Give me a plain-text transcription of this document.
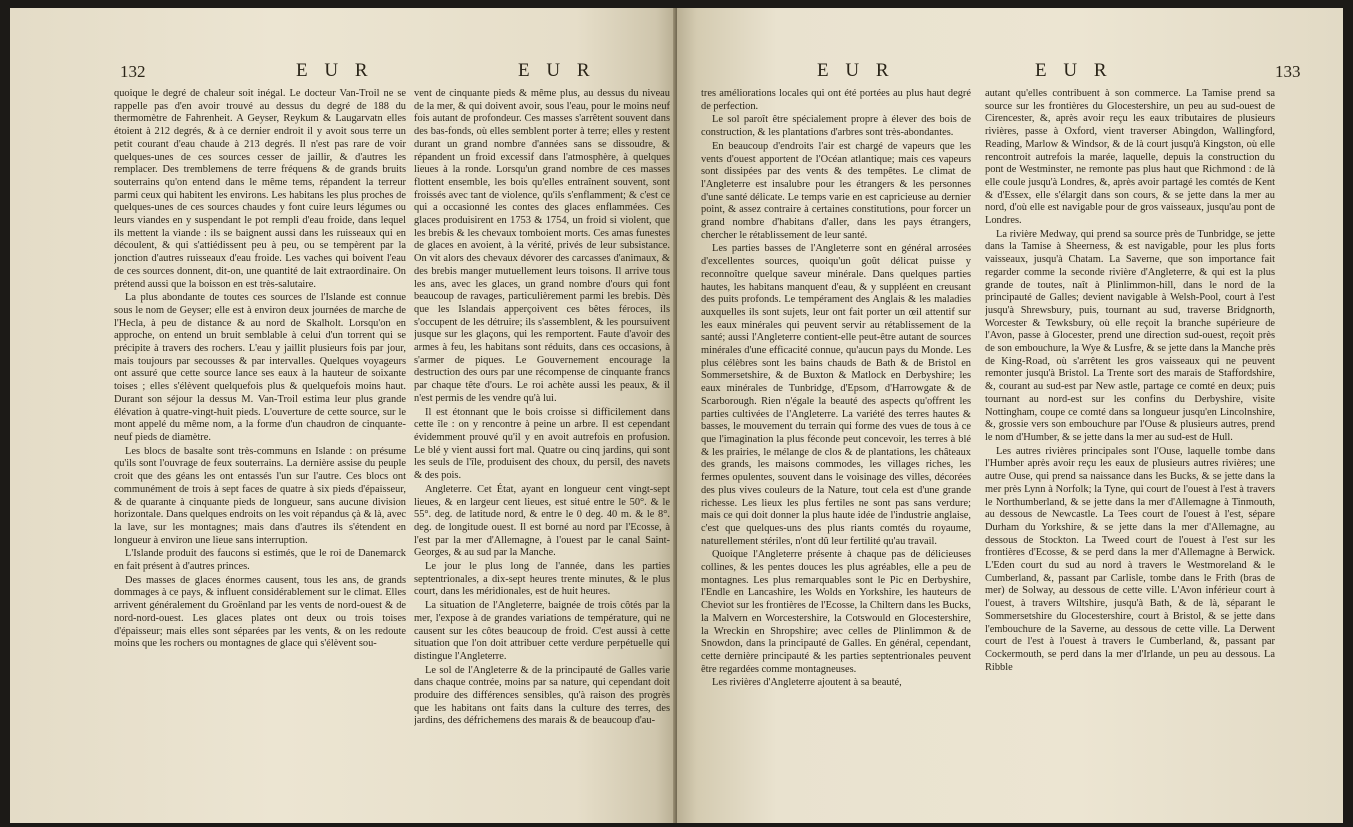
132	E U R	E U R

quoique le degré de chaleur soit inégal. Le docteur Van-Troil ne se rappelle pas d'en avoir trouvé au dessus du degré de 188 du thermomètre de Fahrenheit. A Geyser, Reykum & Laugarvatn elles étoient à 212 degrés, & à ce dernier endroit il y avoit sous terre un petit courant d'eau chaude à 213 degrés. Il n'est pas rare de voir quelques-unes de ces sources cesser de jaillir, & d'autres les remplacer. Des tremblemens de terre fréquens & de grands bruits souterrains qu'on entend dans le même tems, répandent la terreur parmi ceux qui habitent les environs. Les habitans les plus proches de quelques-unes de ces sources chaudes y font cuire leurs légumes ou leurs viandes en y suspendant le pot rempli d'eau froide, dans lequel ils mettent la viande : ils se baignent aussi dans les ruisseaux qui en découlent, & qui s'attiédissent peu à peu, ou se tempèrent par la jonction d'autres ruisseaux d'eau froide. Les vaches qui boivent l'eau de ces sources donnent, dit-on, une quantité de lait extraordinaire. On prétend aussi que la boisson en est très-salutaire.

La plus abondante de toutes ces sources de l'Islande est connue sous le nom de Geyser; elle est à environ deux journées de marche de l'Hecla, à peu de distance & au nord de Skalholt. Lorsqu'on en approche, on entend un bruit semblable à celui d'un torrent qui se précipite à travers des rochers. L'eau y jaillit plusieurs fois par jour, mais toujours par secousses & par intervalles. Quelques voyageurs ont assuré que cette source lance ses eaux à la hauteur de soixante toises ; elles s'élèvent quelquefois plus & quelquefois moins haut. Durant son séjour la dessus M. Van-Troil estima leur plus grande élévation à quatre-vingt-huit pieds. L'ouverture de cette source, sur le mont appelé du même nom, a la forme d'un chaudron de cinquante-neuf pieds de diamètre.

Les blocs de basalte sont très-communs en Islande : on présume qu'ils sont l'ouvrage de feux souterrains. La dernière assise du peuple croit que des géans les ont entassés l'un sur l'autre. Ces blocs ont communément de trois à sept faces de quatre à six pieds d'épaisseur, & de quarante à cinquante pieds de longueur, sans aucune division horizontale. Dans quelques endroits on les voit répandus çà & là, avec la lave, sur les montagnes; mais dans d'autres ils s'étendent en longueur à environ une lieue sans interruption.

L'Islande produit des faucons si estimés, que le roi de Danemarck en fait présent à d'autres princes.

Des masses de glaces énormes causent, tous les ans, de grands dommages à ce pays, & influent considérablement sur le climat. Elles arrivent généralement du Groënland par les vents de nord-ouest & de nord-nord-ouest. Les glaces plates ont deux ou trois toises d'épaisseur; mais elles sont séparées par les vents, & on les redoute moins que les rochers ou montagnes de glace qui s'élèvent sou-

vent de cinquante pieds & même plus, au dessus du niveau de la mer, & qui doivent avoir, sous l'eau, pour le moins neuf fois autant de profondeur. Ces masses s'arrêtent souvent dans des bas-fonds, où elles semblent porter à terre; elles y restent durant un grand nombre d'années sans se dissoudre, & répandent un froid excessif dans l'atmosphère, à quelques lieues à la ronde. Lorsqu'un grand nombre de ces masses flottent ensemble, les bois qu'elles entraînent souvent, sont froissés avec tant de violence, qu'ils s'enflamment; & c'est ce qui a occasionné les contes des glaces enflammées. Ces glaces produisirent en 1753 & 1754, un froid si violent, que les brebis & les chevaux tomboient morts. Ces amas funestes de glaces en avoient, à la vérité, privés de leur subsistance. On vit alors des chevaux dévorer des carcasses d'animaux, & des brebis manger mutuellement leurs toisons. Il arrive tous les ans, avec les glaces, un grand nombre d'ours qui font beaucoup de ravages, particulièrement parmi les brebis. Dès que les Islandais apperçoivent ces bêtes féroces, ils s'occupent de les détruire; ils s'assemblent, & les poursuivent jusque sur les glaçons, qui les remportent. Faute d'avoir des armes à feu, les habitans sont réduits, dans ces occasions, à s'armer de piques. Le Gouvernement encourage la destruction des ours par une récompense de cinquante francs par chaque tête d'ours. Le roi achète aussi les peaux, & il n'est permis de les vendre qu'à lui.

Il est étonnant que le bois croisse si difficilement dans cette île : on y rencontre à peine un arbre. Il est cependant évidemment prouvé qu'il y en avoit autrefois en profusion. Le blé y vient aussi fort mal. Quatre ou cinq jardins, qui sont les seuls de l'île, produisent des choux, du persil, des navets & des pois.

Angleterre. Cet État, ayant en longueur cent vingt-sept lieues, & en largeur cent lieues, est situé entre le 50°. & le 55°. deg. de latitude nord, & entre le 0 deg. 40 m. & le 8°. deg. de longitude ouest. Il est borné au nord par l'Ecosse, à l'est par la mer d'Allemagne, à l'ouest par le canal Saint-Georges, & au sud par la Manche.

Le jour le plus long de l'année, dans les parties septentrionales, a dix-sept heures trente minutes, & le plus court, dans les méridionales, est de huit heures.

La situation de l'Angleterre, baignée de trois côtés par la mer, l'expose à de grandes variations de température, qui ne causent sur les côtes beaucoup de froid. C'est aussi à cette situation que l'on doit attribuer cette verdure perpétuelle qui distingue l'Angleterre.

Le sol de l'Angleterre & de la principauté de Galles varie dans chaque contrée, moins par sa nature, qui cependant doit produire des différences sensibles, qu'à raison des progrès que les habitans ont faits dans la culture des terres, des jardins, des défrichemens des marais & de beaucoup d'au-

E U R	E U R	133

tres améliorations locales qui ont été portées au plus haut degré de perfection.

Le sol paroît être spécialement propre à élever des bois de construction, & les plantations d'arbres sont très-abondantes.

En beaucoup d'endroits l'air est chargé de vapeurs que les vents d'ouest apportent de l'Océan atlantique; mais ces vapeurs sont dissipées par des vents & des tempêtes. Le climat de l'Angleterre est insalubre pour les étrangers & les personnes d'une santé délicate. Le temps varie en est capricieuse au dernier point, & assez contraire à certaines constitutions, pour forcer un grand nombre d'habitans d'aller, dans les pays étrangers, chercher le rétablissement de leur santé.

Les parties basses de l'Angleterre sont en général arrosées d'excellentes sources, quoiqu'un goût délicat puisse y reconnoître quelque saveur minérale. Dans quelques parties hautes, les habitans manquent d'eau, & y suppléent en creusant des puits profonds. Le tempérament des Anglais & les maladies auxquelles ils sont sujets, leur ont fait porter un œil attentif sur les eaux minérales qui peuvent servir au rétablissement de la santé; aussi l'Angleterre contient-elle peut-être autant de sources minérales d'une efficacité connue, qu'aucun pays du Monde. Les plus célèbres sont les bains chauds de Bath & de Bristol en Sommersetshire, & de Buxton & Matlock en Derbyshire; les eaux minérales de Tunbridge, d'Epsom, d'Harrowgate & de Scarborough. Rien n'égale la beauté des aspects qu'offrent les parties cultivées de l'Angleterre. La variété des terres hautes & basses, le mouvement du terrain qui forme des vues de tous à ce que l'imagination la plus féconde peut concevoir, les terres à blé & les prairies, le mélange de clos & de plantations, les châteaux des grands, les maisons commodes, les villages riches, les fermes opulentes, souvent dans le voisinage des villes, décorées des plus vives couleurs de la Nature, tout cela est d'une grande richesse. Les lieux les plus fertiles ne sont pas sans verdure; mais ce qui doit donner la plus haute idée de l'industrie anglaise, c'est que quelques-uns des plus riants comtés du royaume, naturellement stériles, n'ont dû leur fertilité qu'au travail.

Quoique l'Angleterre présente à chaque pas de délicieuses collines, & les pentes douces les plus agréables, elle a peu de montagnes. Les plus remarquables sont le Pic en Derbyshire, l'Endle en Lancashire, les Wolds en Yorkshire, les hauteurs de Cheviot sur les frontières de l'Ecosse, la Chiltern dans les Bucks, la Malvern en Worcestershire, la Cotswould en Glocestershire, la Wreckin en Shropshire; avec celles de Plinlimmon & de Snowdon, dans la principauté de Galles. En général, cependant, cette dernière principauté & les parties septentrionales peuvent être regardées comme montagneuses.

Les rivières d'Angleterre ajoutent à sa beauté,

autant qu'elles contribuent à son commerce. La Tamise prend sa source sur les frontières du Glocestershire, un peu au sud-ouest de Cirencester, &, après avoir reçu les eaux tributaires de plusieurs rivières, passe à Oxford, vient traverser Abingdon, Wallingford, Reading, Marlow & Windsor, & de là court jusqu'à Kingston, où elle rencontroit autrefois la marée, laquelle, depuis la construction du pont de Westminster, ne remonte pas plus haut que Richmond : de là elle coule jusqu'à Londres, &, après avoir partagé les comtés de Kent & d'Essex, elle s'élargit dans son cours, & se jette dans la mer au nord, d'où elle est navigable pour de gros vaisseaux, jusqu'au pont de Londres.

La rivière Medway, qui prend sa source près de Tunbridge, se jette dans la Tamise à Sheerness, & est navigable, pour les plus forts vaisseaux, jusqu'à Chatam. La Saverne, que son importance fait regarder comme la seconde rivière d'Angleterre, & qui est la plus grande de toutes, naît à Plinlimmon-hill, dans le nord de la principauté de Galles; devient navigable à Welsh-Pool, court à l'est jusqu'à Shrewsbury, puis, tournant au sud, traverse Bridgnorth, Worcester & Tewksbury, où elle reçoit la branche supérieure de l'Avon, passe à Glocester, prend une direction sud-ouest, reçoit près de son embouchure, la Wye & Lusfre, & se jette dans la Manche près de King-Road, où s'arrêtent les gros vaisseaux qui ne peuvent remonter jusqu'à Bristol. La Trente sort des marais de Staffordshire, &, courant au sud-est par New astle, partage ce comté en deux; puis tournant au nord-est sur les confins du Derbyshire, visite Nottingham, coupe ce comté dans sa longueur jusqu'en Lincolnshire, &, grossie vers son embouchure par l'Ouse & plusieurs autres, prend le nom d'Humber, & se jette dans la mer au sud-est de Hull.

Les autres rivières principales sont l'Ouse, laquelle tombe dans l'Humber après avoir reçu les eaux de plusieurs autres rivières; une autre Ouse, qui prend sa naissance dans les Bucks, & se jette dans la mer près Lynn à Norfolk; la Tyne, qui court de l'ouest à l'est à travers le Northumberland, & se jette dans la mer d'Allemagne à Tinmouth, au dessous de Newcastle. La Tees court de l'ouest à l'est, sépare Durham du Yorkshire, & se jette dans la mer d'Allemagne, au dessous de Stockton. La Tweed court de l'ouest à l'est sur les frontières d'Ecosse, & se perd dans la mer d'Allemagne à Berwick. L'Eden court du sud au nord à travers le Westmoreland & le Cumberland, &, passant par Carlisle, tombe dans le Frith (bras de mer) de Solway, au dessous de cette ville. L'Avon inférieur court à l'ouest, à travers Wiltshire, jusqu'à Bath, & de là, séparant le Sommersetshire du Glocestershire, court à Bristol, & se jette dans l'embouchure de la Saverne, au dessous de cette ville. La Derwent court de l'est à l'ouest à travers le Cumberland, &, passant par Cockermouth, se perd dans la mer d'Irlande, un peu au dessous. La Ribble
